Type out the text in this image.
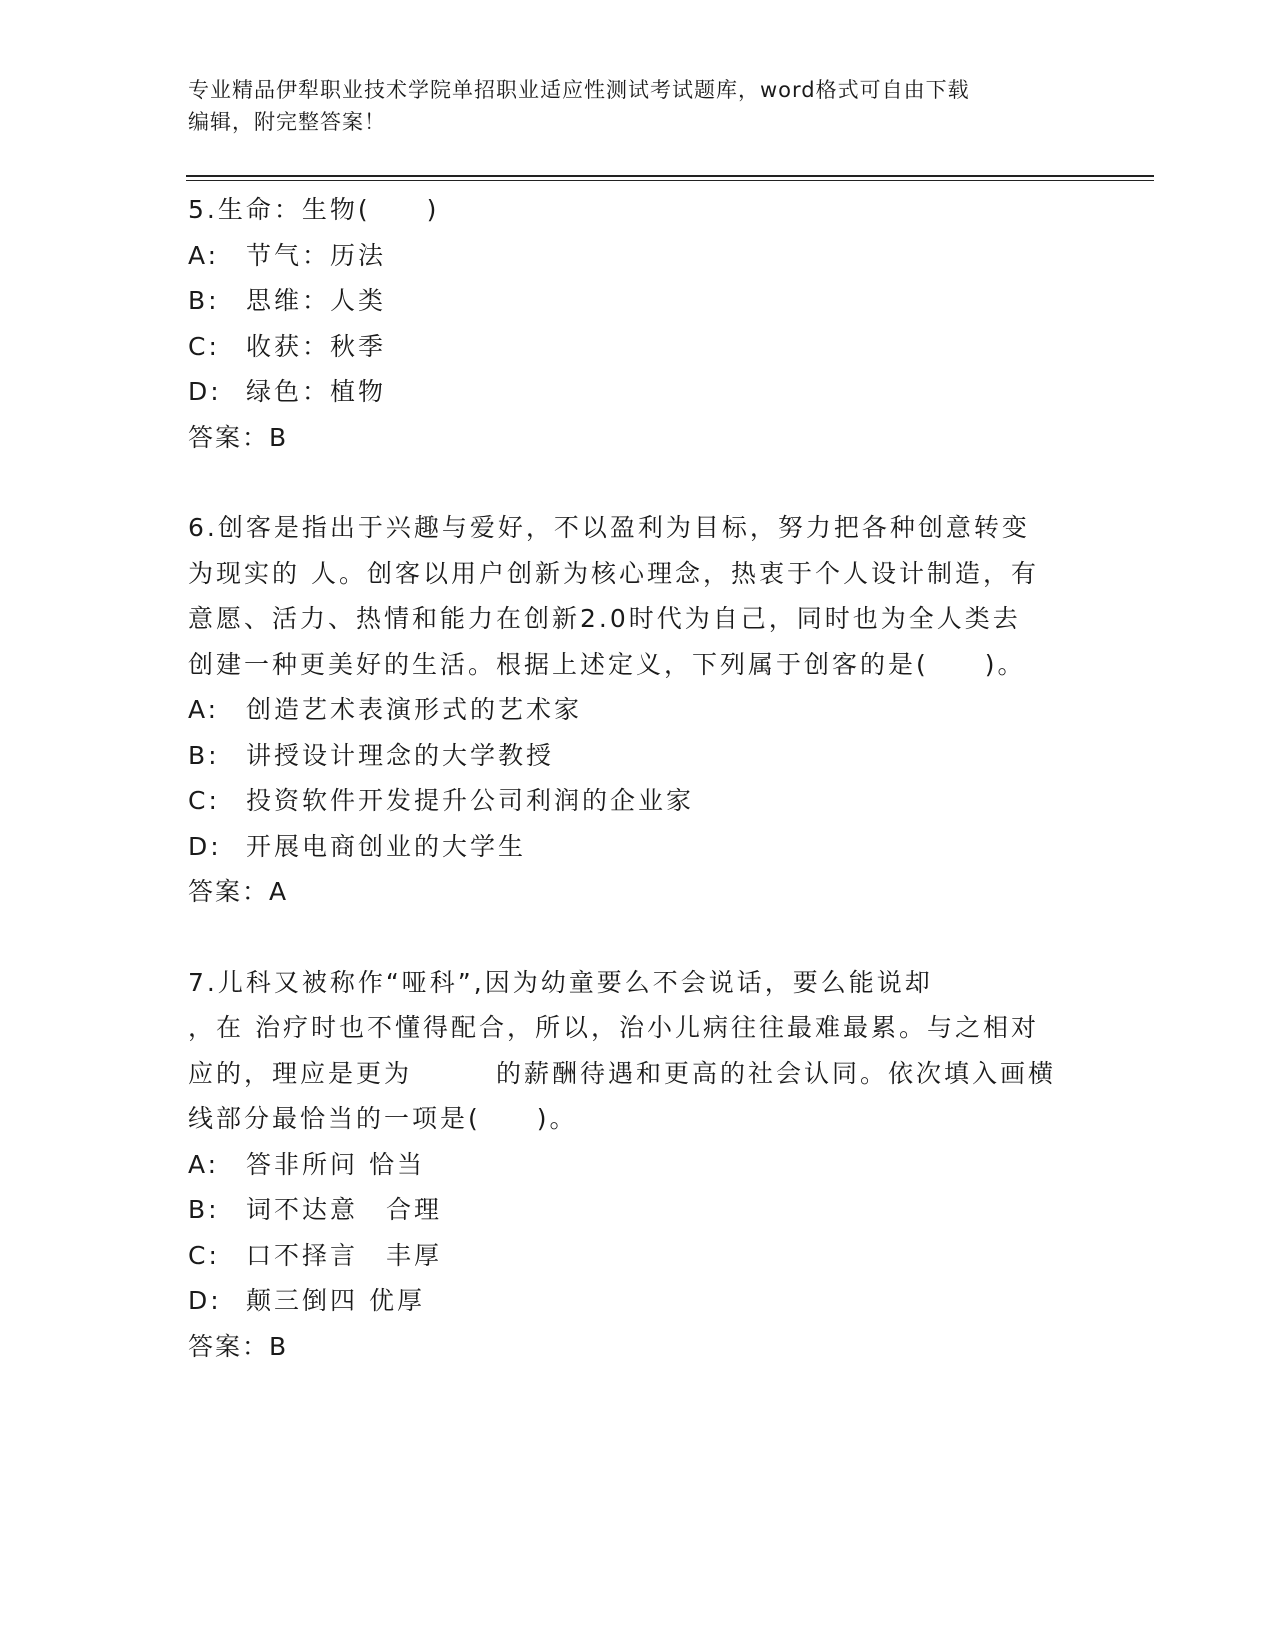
专业精品伊犁职业技术学院单招职业适应性测试考试题库，word格式可自由下载
编辑，附完整答案！

5.生命：生物(　　)

A:	节气：历法
B:	思维：人类
C:	收获：秋季
D: 绿色：植物

答案：B

6.创客是指出于兴趣与爱好，不以盈利为目标，努力把各种创意转变

为现实的 人。创客以用户创新为核心理念，热衷于个人设计制造，有

意愿、活力、热情和能力在创新2.0时代为自己，同时也为全人类去

创建一种更美好的生活。根据上述定义，下列属于创客的是(　　)。

A:	创造艺术表演形式的艺术家
B:	讲授设计理念的大学教授
C:	投资软件开发提升公司利润的企业家
D: 开展电商创业的大学生

答案：A

7.儿科又被称作“哑科”,因为幼童要么不会说话，要么能说却

，在 治疗时也不懂得配合，所以，治小儿病往往最难最累。与之相对

应的，理应是更为　　　的薪酬待遇和更高的社会认同。依次填入画横

线部分最恰当的一项是(　　)。

A:	答非所问 恰当
B:	词不达意　合理
C:	口不择言　丰厚
D: 颠三倒四 优厚

答案：B
